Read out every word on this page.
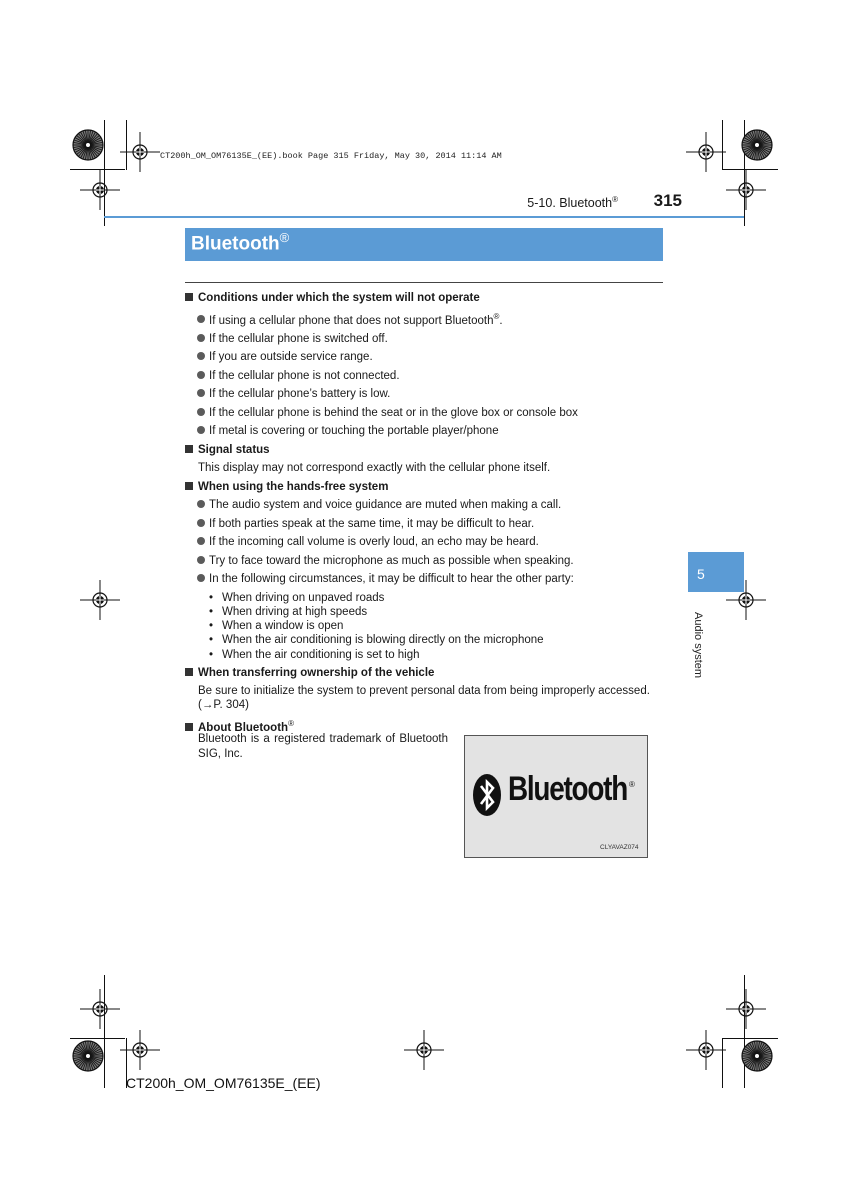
CT200h_OM_OM76135E_(EE).book Page 315 Friday, May 30, 2014 11:14 AM
5-10. Bluetooth®	315
Bluetooth®
5
Audio system
Conditions under which the system will not operate
If using a cellular phone that does not support Bluetooth®.
If the cellular phone is switched off.
If you are outside service range.
If the cellular phone is not connected.
If the cellular phone’s battery is low.
If the cellular phone is behind the seat or in the glove box or console box
If metal is covering or touching the portable player/phone
Signal status
This display may not correspond exactly with the cellular phone itself.
When using the hands-free system
The audio system and voice guidance are muted when making a call.
If both parties speak at the same time, it may be difficult to hear.
If the incoming call volume is overly loud, an echo may be heard.
Try to face toward the microphone as much as possible when speaking.
In the following circumstances, it may be difficult to hear the other party:
• When driving on unpaved roads
• When driving at high speeds
• When a window is open
• When the air conditioning is blowing directly on the microphone
• When the air conditioning is set to high
When transferring ownership of the vehicle
Be sure to initialize the system to prevent personal data from being improperly accessed.
(→P. 304)
About Bluetooth®
Bluetooth is a registered trademark of Bluetooth SIG, Inc.
Bluetooth ®
CLYAVAZ074
CT200h_OM_OM76135E_(EE)
